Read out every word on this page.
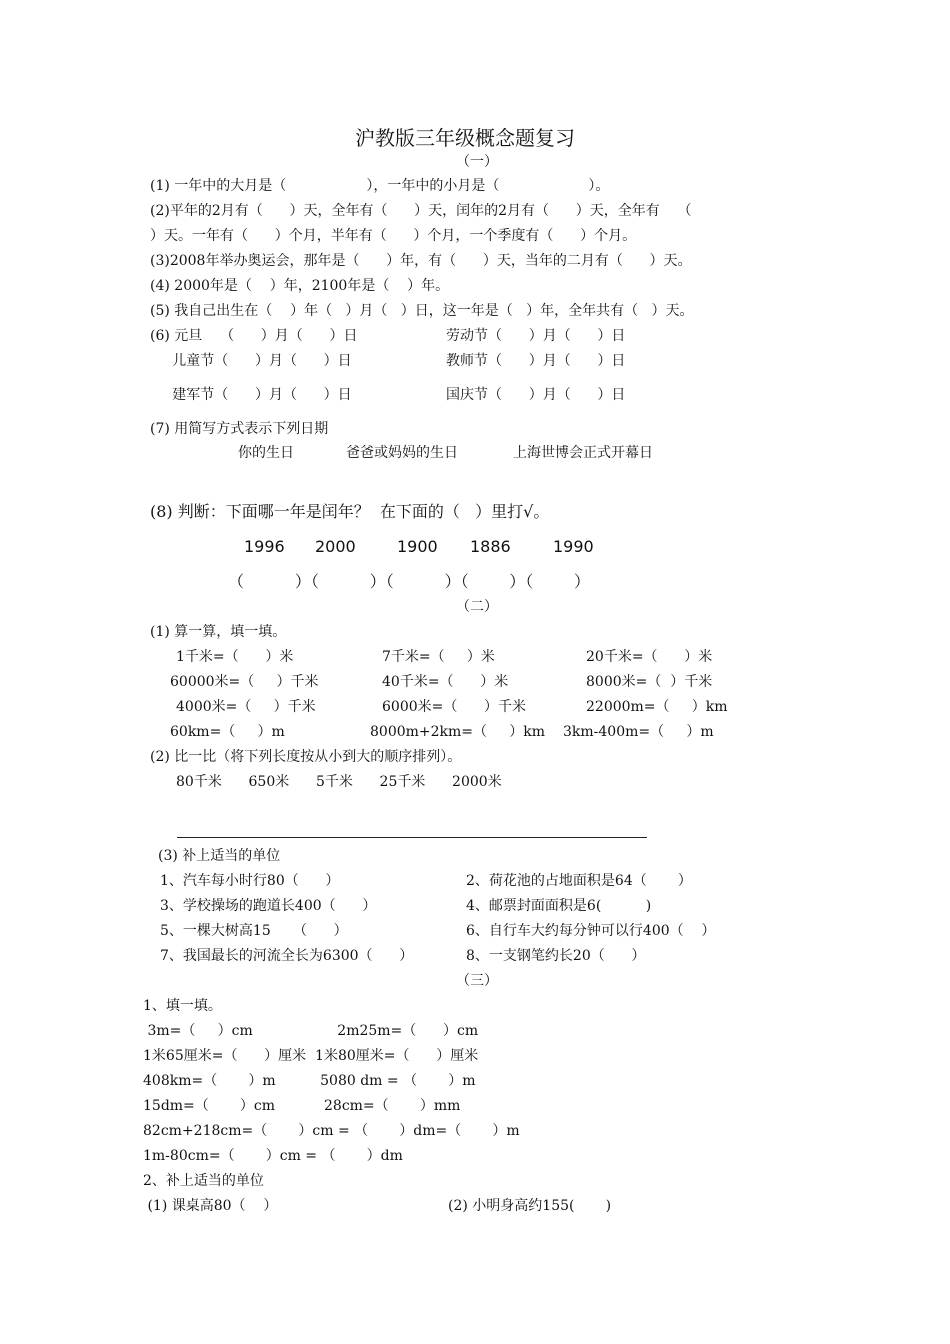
沪教版三年级概念题复习
（一）
(1) 一年中的大月是（                  ），一年中的小月是（                    ）。
(2)平年的2月有（      ）天，全年有（      ）天，闰年的2月有（      ）天，全年有    （
）天。一年有（      ）个月，半年有（      ）个月，一个季度有（      ）个月。
(3)2008年举办奥运会，那年是（      ）年，有（      ）天，当年的二月有（      ）天。
(4) 2000年是（    ）年，2100年是（    ）年。
(5) 我自己出生在（    ）年（   ）月（   ）日，这一年是（   ）年，全年共有（   ）天。
(6) 元旦    （      ）月（      ）日	劳动节（      ）月（      ）日
儿童节（      ）月（      ）日	教师节（      ）月（      ）日
建军节（      ）月（      ）日	国庆节（      ）月（      ）日
(7) 用简写方式表示下列日期
你的生日	爸爸或妈妈的生日	上海世博会正式开幕日
(8) 判断：下面哪一年是闰年？  在下面的（   ）里打√。
1996 2000	1900 1886	1990
（          ）（          ）（          ）（        ）（        ）
（二）
(1) 算一算，填一填。
1千米=（      ）米	7千米=（     ）米	20千米=（      ）米
60000米=（     ）千米	40千米=（      ）米	8000米=（  ）千米
4000米=（     ）千米	6000米=（      ）千米	22000m=（     ）km
60km=（     ）m	8000m+2km=（     ）km 3km-400m=（     ）m
(2) 比一比（将下列长度按从小到大的顺序排列）。
80千米      650米      5千米      25千米      2000米
(3) 补上适当的单位
1、汽车每小时行80（      ）	2、荷花池的占地面积是64（       ）
3、学校操场的跑道长400（      ）	4、邮票封面面积是6(          )
5、一棵大树高15     （      ）	6、自行车大约每分钟可以行400（    ）
7、我国最长的河流全长为6300（      ）	8、一支钢笔约长20（      ）
（三）
1、填一填。
3m=（     ）cm                   2m25m=（      ）cm
1米65厘米=（      ）厘米  1米80厘米=（      ）厘米
408km=（       ）m          5080 dm = （       ）m
15dm=（       ）cm           28cm=（       ）mm
82cm+218cm=（       ）cm = （       ）dm=（       ）m
1m-80cm=（       ）cm = （       ）dm
2、补上适当的单位
(1) 课桌高80（    ）	(2) 小明身高约155(       )
